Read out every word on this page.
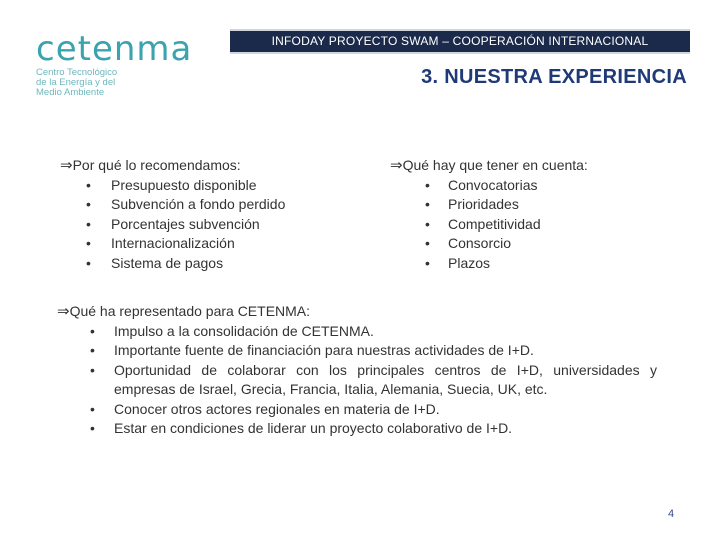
cetenma
Centro Tecnológico
de la Energía y del
Medio Ambiente
INFODAY PROYECTO SWAM – COOPERACIÓN INTERNACIONAL
3. NUESTRA EXPERIENCIA
⇒Por qué lo recomendamos:
• Presupuesto disponible
• Subvención a fondo perdido
• Porcentajes subvención
• Internacionalización
• Sistema de pagos
⇒Qué hay que tener en cuenta:
• Convocatorias
• Prioridades
• Competitividad
• Consorcio
• Plazos
⇒Qué ha representado para CETENMA:
• Impulso a la consolidación de CETENMA.
• Importante fuente de financiación para nuestras actividades de I+D.
• Oportunidad de colaborar con los principales centros de I+D, universidades y empresas de Israel, Grecia, Francia, Italia, Alemania, Suecia, UK, etc.
• Conocer otros actores regionales en materia de I+D.
• Estar en condiciones de liderar un proyecto colaborativo de I+D.
4
